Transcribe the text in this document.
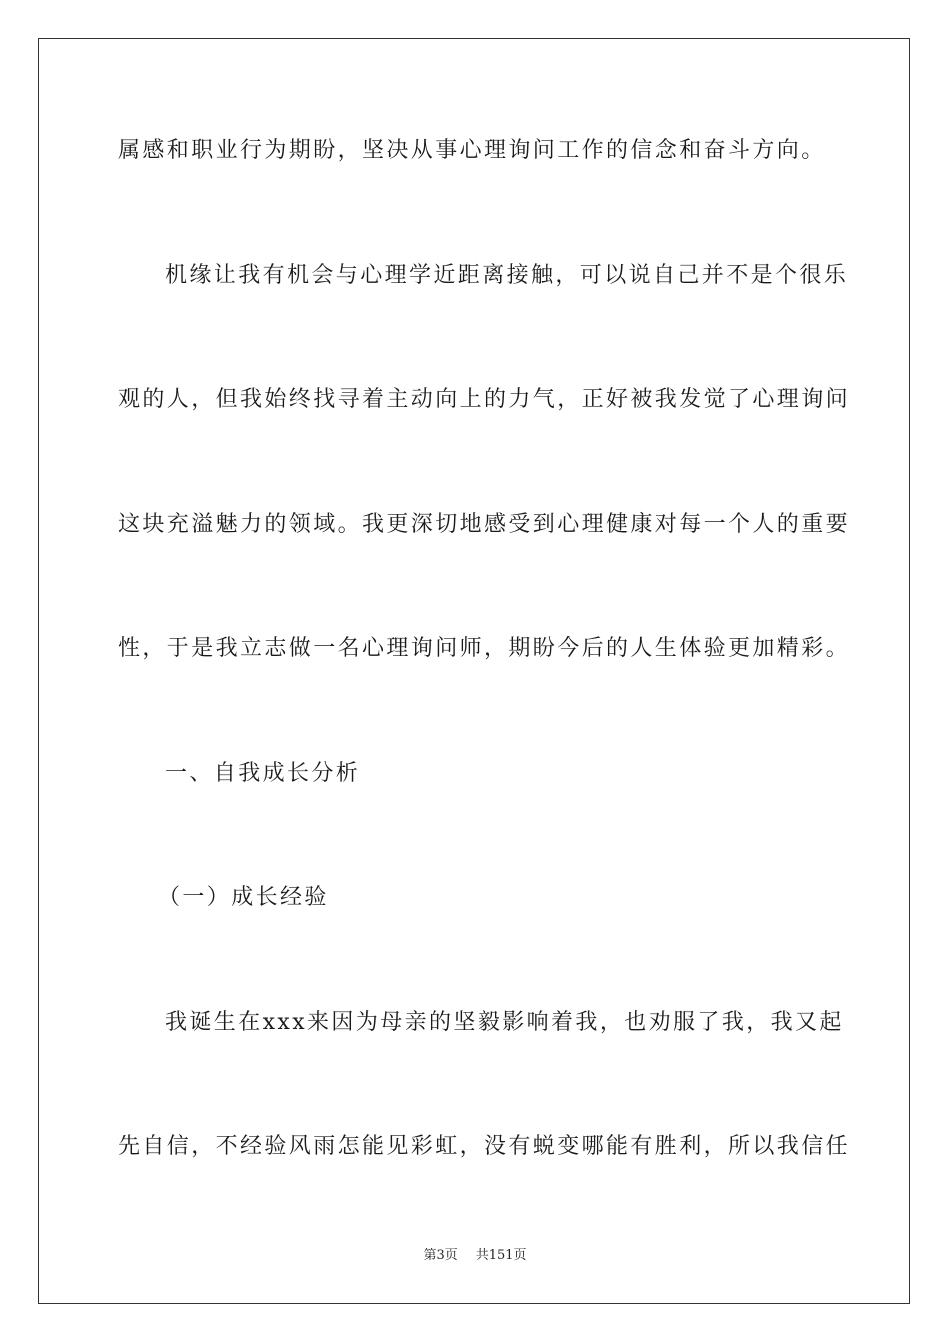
属感和职业行为期盼，坚决从事心理询问工作的信念和奋斗方向。
机缘让我有机会与心理学近距离接触，可以说自己并不是个很乐
观的人，但我始终找寻着主动向上的力气，正好被我发觉了心理询问
这块充溢魅力的领域。我更深切地感受到心理健康对每一个人的重要
性，于是我立志做一名心理询问师，期盼今后的人生体验更加精彩。
一、自我成长分析
（一）成长经验
我诞生在xxx来因为母亲的坚毅影响着我，也劝服了我，我又起
先自信，不经验风雨怎能见彩虹，没有蜕变哪能有胜利，所以我信任
第3页 共151页
